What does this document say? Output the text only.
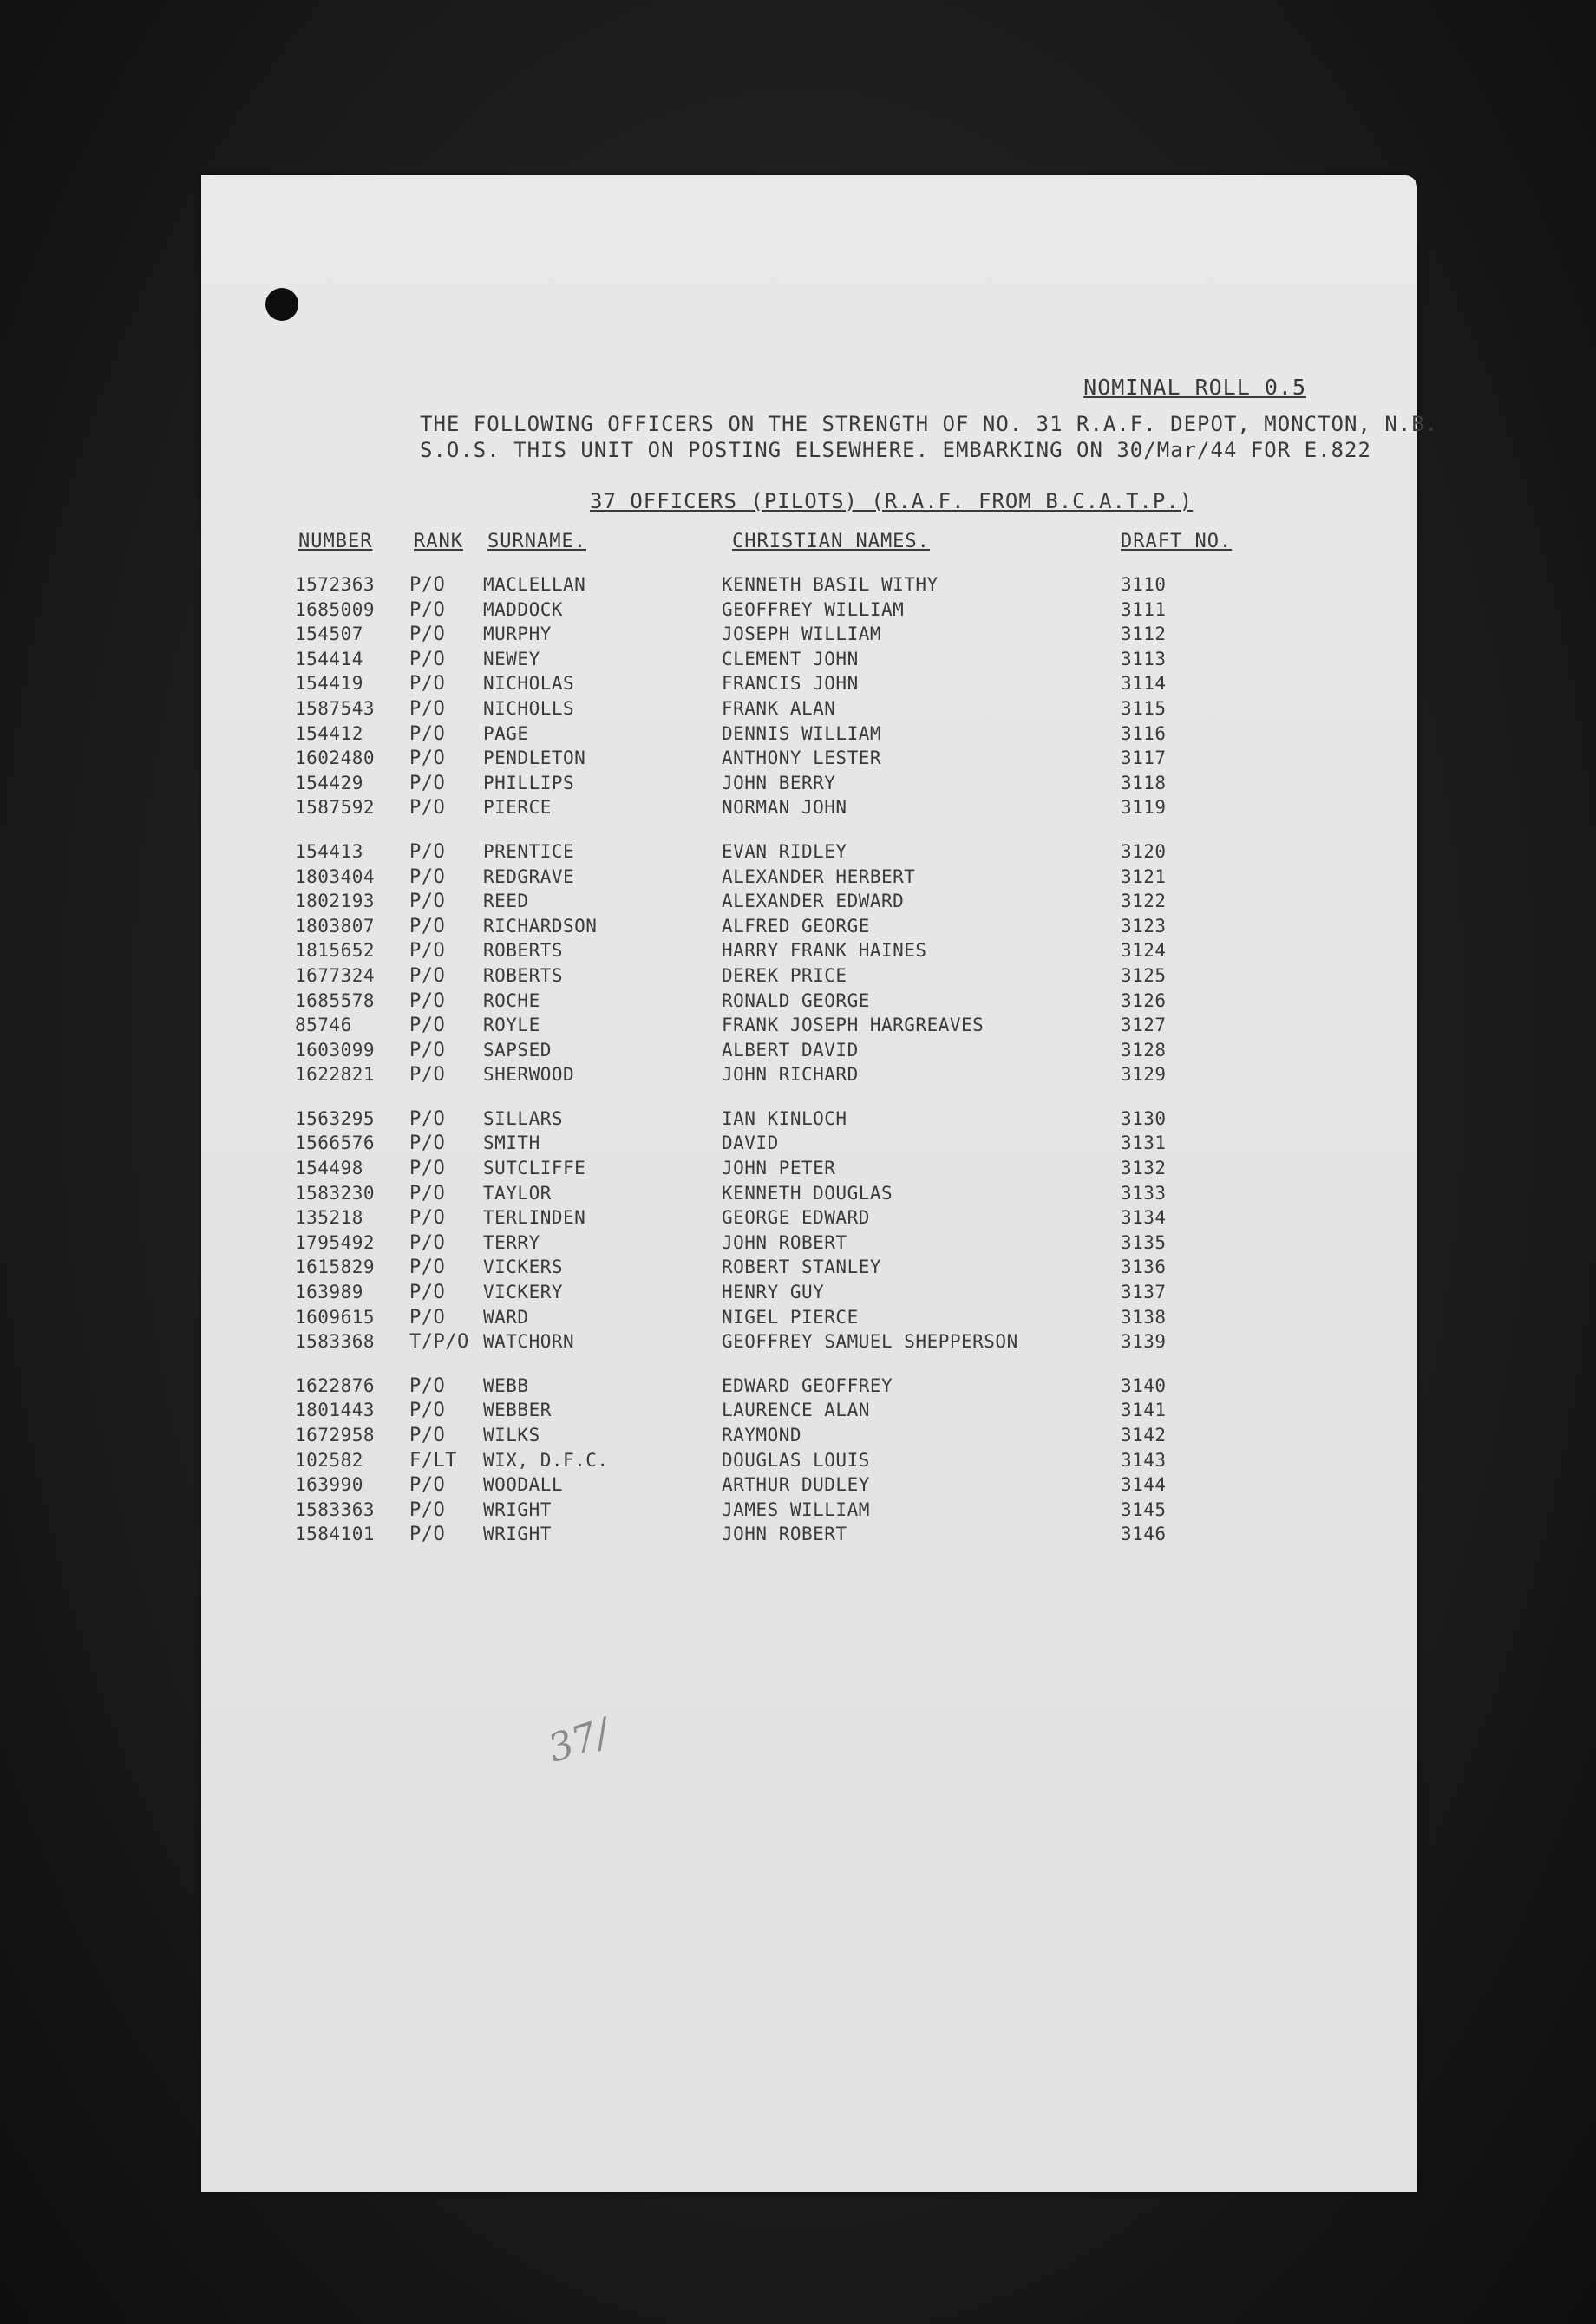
NOMINAL ROLL 0.5
THE FOLLOWING OFFICERS ON THE STRENGTH OF NO. 31 R.A.F. DEPOT, MONCTON, N.B.
S.O.S. THIS UNIT ON POSTING ELSEWHERE. EMBARKING ON 30/Mar/44 FOR E.822
37 OFFICERS (PILOTS) (R.A.F. FROM B.C.A.T.P.)
NUMBER RANK SURNAME.	CHRISTIAN NAMES.	DRAFT NO.
1572363 P/O MACLELLAN	KENNETH BASIL WITHY	3110
1685009 P/O MADDOCK	GEOFFREY WILLIAM	3111
154507 P/O MURPHY	JOSEPH WILLIAM	3112
154414 P/O NEWEY	CLEMENT JOHN	3113
154419 P/O NICHOLAS	FRANCIS JOHN	3114
1587543 P/O NICHOLLS	FRANK ALAN	3115
154412 P/O PAGE	DENNIS WILLIAM	3116
1602480 P/O PENDLETON	ANTHONY LESTER	3117
154429 P/O PHILLIPS	JOHN BERRY	3118
1587592 P/O PIERCE	NORMAN JOHN	3119
154413 P/O PRENTICE	EVAN RIDLEY	3120
1803404 P/O REDGRAVE	ALEXANDER HERBERT	3121
1802193 P/O REED	ALEXANDER EDWARD	3122
1803807 P/O RICHARDSON	ALFRED GEORGE	3123
1815652 P/O ROBERTS	HARRY FRANK HAINES	3124
1677324 P/O ROBERTS	DEREK PRICE	3125
1685578 P/O ROCHE	RONALD GEORGE	3126
85746	P/O ROYLE	FRANK JOSEPH HARGREAVES	3127
1603099 P/O SAPSED	ALBERT DAVID	3128
1622821 P/O SHERWOOD	JOHN RICHARD	3129
1563295 P/O SILLARS	IAN KINLOCH	3130
1566576 P/O SMITH	DAVID	3131
154498 P/O SUTCLIFFE	JOHN PETER	3132
1583230 P/O TAYLOR	KENNETH DOUGLAS	3133
135218 P/O TERLINDEN	GEORGE EDWARD	3134
1795492 P/O TERRY	JOHN ROBERT	3135
1615829 P/O VICKERS	ROBERT STANLEY	3136
163989 P/O VICKERY	HENRY GUY	3137
1609615 P/O WARD	NIGEL PIERCE	3138
1583368 T/P/O WATCHORN	GEOFFREY SAMUEL SHEPPERSON	3139
1622876 P/O WEBB	EDWARD GEOFFREY	3140
1801443 P/O WEBBER	LAURENCE ALAN	3141
1672958 P/O WILKS	RAYMOND	3142
102582 F/LT WIX, D.F.C.	DOUGLAS LOUIS	3143
163990 P/O WOODALL	ARTHUR DUDLEY	3144
1583363 P/O WRIGHT	JAMES WILLIAM	3145
1584101 P/O WRIGHT	JOHN ROBERT	3146
37/
